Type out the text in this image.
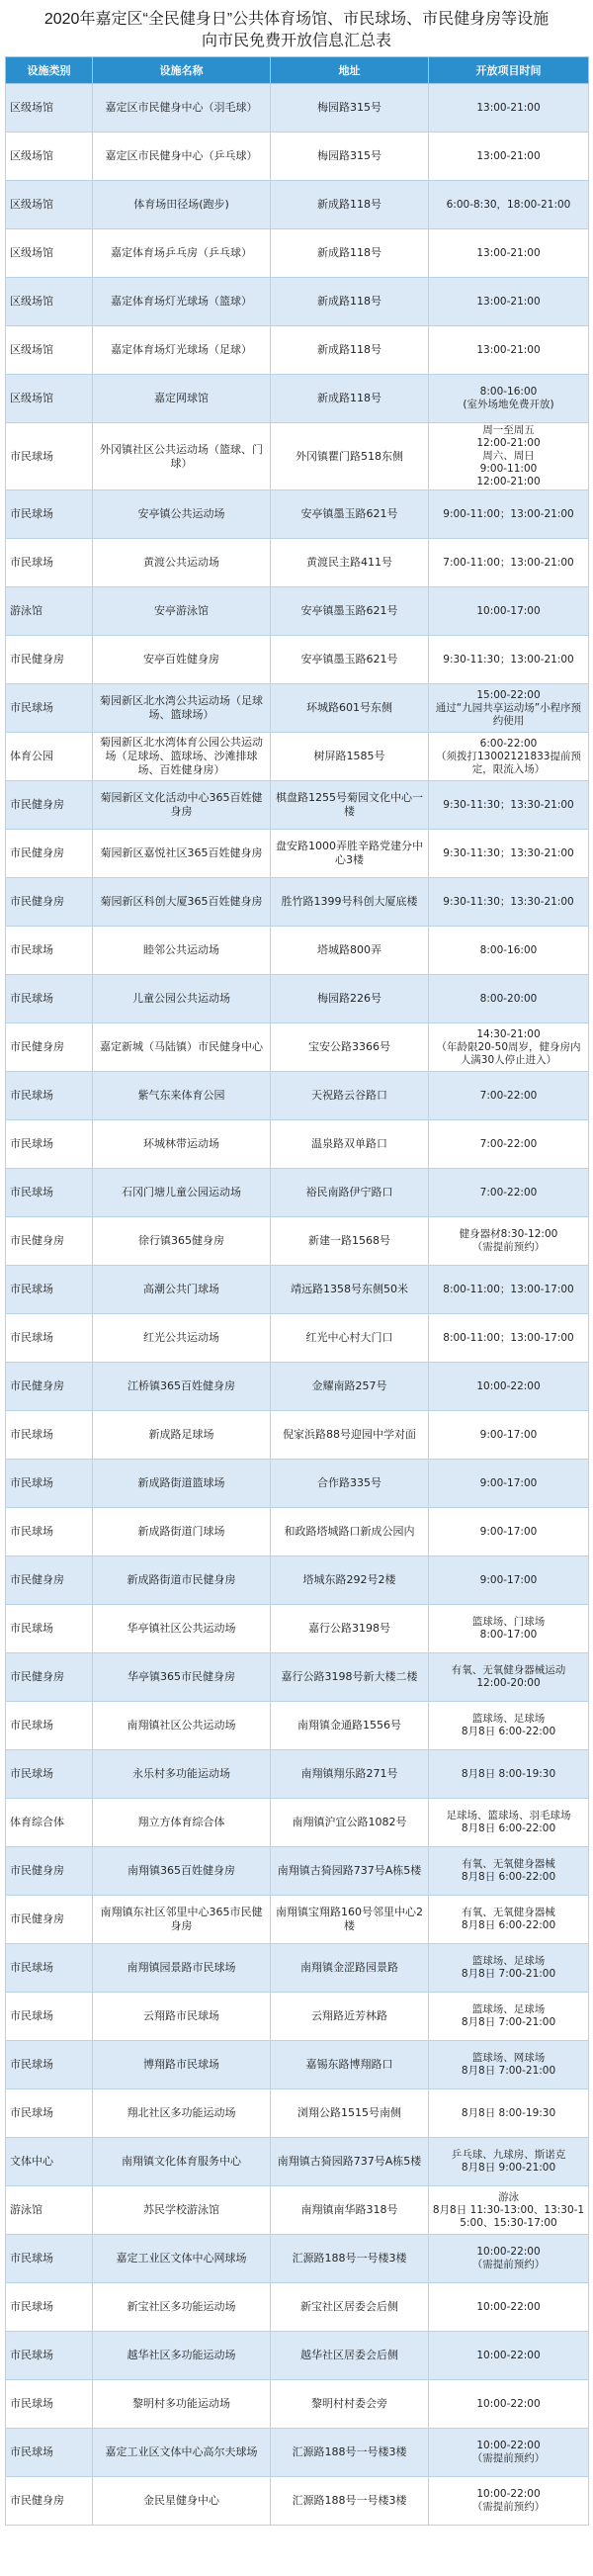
2020年嘉定区“全民健身日”公共体育场馆、市民球场、市民健身房等设施
向市民免费开放信息汇总表
设施类别	设施名称	地址	开放项目时间
区级场馆	嘉定区市民健身中心（羽毛球）	梅园路315号	13:00-21:00
区级场馆	嘉定区市民健身中心（乒乓球）	梅园路315号	13:00-21:00
区级场馆	体育场田径场(跑步)	新成路118号	6:00-8:30，18:00-21:00
区级场馆	嘉定体育场乒乓房（乒乓球）	新成路118号	13:00-21:00
区级场馆	嘉定体育场灯光球场（篮球）	新成路118号	13:00-21:00
区级场馆	嘉定体育场灯光球场（足球）	新成路118号	13:00-21:00
区级场馆	嘉定网球馆	新成路118号	8:00-16:00
(室外场地免费开放)
市民球场	外冈镇社区公共运动场（篮球、门球）	外冈镇瞿门路518东侧	周一至周五
12:00-21:00
周六、周日
9:00-11:00
12:00-21:00
市民球场	安亭镇公共运动场	安亭镇墨玉路621号	9:00-11:00；13:00-21:00
市民球场	黄渡公共运动场	黄渡民主路411号	7:00-11:00；13:00-21:00
游泳馆	安亭游泳馆	安亭镇墨玉路621号	10:00-17:00
市民健身房	安亭百姓健身房	安亭镇墨玉路621号	9:30-11:30；13:00-21:00
市民球场	菊园新区北水湾公共运动场（足球场、篮球场）	环城路601号东侧	15:00-22:00
通过“九园共享运动场”小程序预约使用
体育公园	菊园新区北水湾体育公园公共运动场（足球场、篮球场、沙滩排球场、百姓健身房）	树屏路1585号	6:00-22:00
（须拨打13002121833提前预定，限流入场）
市民健身房	菊园新区文化活动中心365百姓健身房	棋盘路1255号菊园文化中心一楼	9:30-11:30；13:30-21:00
市民健身房	菊园新区嘉悦社区365百姓健身房	盘安路1000弄胜辛路党建分中心3楼	9:30-11:30；13:30-21:00
市民健身房	菊园新区科创大厦365百姓健身房	胜竹路1399号科创大厦底楼	9:30-11:30；13:30-21:00
市民球场	睦邻公共运动场	塔城路800弄	8:00-16:00
市民球场	儿童公园公共运动场	梅园路226号	8:00-20:00
市民健身房	嘉定新城（马陆镇）市民健身中心	宝安公路3366号	14:30-21:00
（年龄限20-50周岁，健身房内人满30人停止进入）
市民球场	紫气东来体育公园	天祝路云谷路口	7:00-22:00
市民球场	环城林带运动场	温泉路双单路口	7:00-22:00
市民球场	石冈门塘儿童公园运动场	裕民南路伊宁路口	7:00-22:00
市民健身房	徐行镇365健身房	新建一路1568号	健身器材8:30-12:00
（需提前预约）
市民球场	高潮公共门球场	靖远路1358号东侧50米	8:00-11:00；13:00-17:00
市民球场	红光公共运动场	红光中心村大门口	8:00-11:00；13:00-17:00
市民健身房	江桥镇365百姓健身房	金耀南路257号	10:00-22:00
市民球场	新成路足球场	倪家浜路88号迎园中学对面	9:00-17:00
市民球场	新成路街道篮球场	合作路335号	9:00-17:00
市民球场	新成路街道门球场	和政路塔城路口新成公园内	9:00-17:00
市民健身房	新成路街道市民健身房	塔城东路292号2楼	9:00-17:00
市民球场	华亭镇社区公共运动场	嘉行公路3198号	篮球场、门球场
8:00-17:00
市民健身房	华亭镇365市民健身房	嘉行公路3198号新大楼二楼	有氧、无氧健身器械运动
12:00-20:00
市民球场	南翔镇社区公共运动场	南翔镇金通路1556号	篮球场、足球场
8月8日 6:00-22:00
市民球场	永乐村多功能运动场	南翔镇翔乐路271号	8月8日 8:00-19:30
体育综合体	翔立方体育综合体	南翔镇沪宜公路1082号	足球场、篮球场、羽毛球场
8月8日 6:00-22:00
市民健身房	南翔镇365百姓健身房	南翔镇古猗园路737号A栋5楼	有氧、无氧健身器械
8月8日 6:00-22:00
市民健身房	南翔镇东社区邻里中心365市民健身房	南翔镇宝翔路160号邻里中心2楼	有氧、无氧健身器械
8月8日 6:00-22:00
市民球场	南翔镇园景路市民球场	南翔镇金涩路园景路	篮球场、足球场
8月8日 7:00-21:00
市民球场	云翔路市民球场	云翔路近芳林路	篮球场、足球场
8月8日 7:00-21:00
市民球场	博翔路市民球场	嘉锡东路博翔路口	篮球场、网球场
8月8日 7:00-21:00
市民球场	翔北社区多功能运动场	浏翔公路1515号南侧	8月8日 8:00-19:30
文体中心	南翔镇文化体育服务中心	南翔镇古猗园路737号A栋5楼	乒乓球、九球房、斯诺克
8月8日 9:00-21:00
游泳馆	苏民学校游泳馆	南翔镇南华路318号	游泳
8月8日 11:30-13:00、13:30-15:00、15:30-17:00
市民球场	嘉定工业区文体中心网球场	汇源路188号一号楼3楼	10:00-22:00
（需提前预约）
市民球场	新宝社区多功能运动场	新宝社区居委会后侧	10:00-22:00
市民球场	越华社区多功能运动场	越华社区居委会后侧	10:00-22:00
市民球场	黎明村多功能运动场	黎明村村委会旁	10:00-22:00
市民球场	嘉定工业区文体中心高尔夫球场	汇源路188号一号楼3楼	10:00-22:00
（需提前预约）
市民健身房	金民星健身中心	汇源路188号一号楼3楼	10:00-22:00
（需提前预约）
